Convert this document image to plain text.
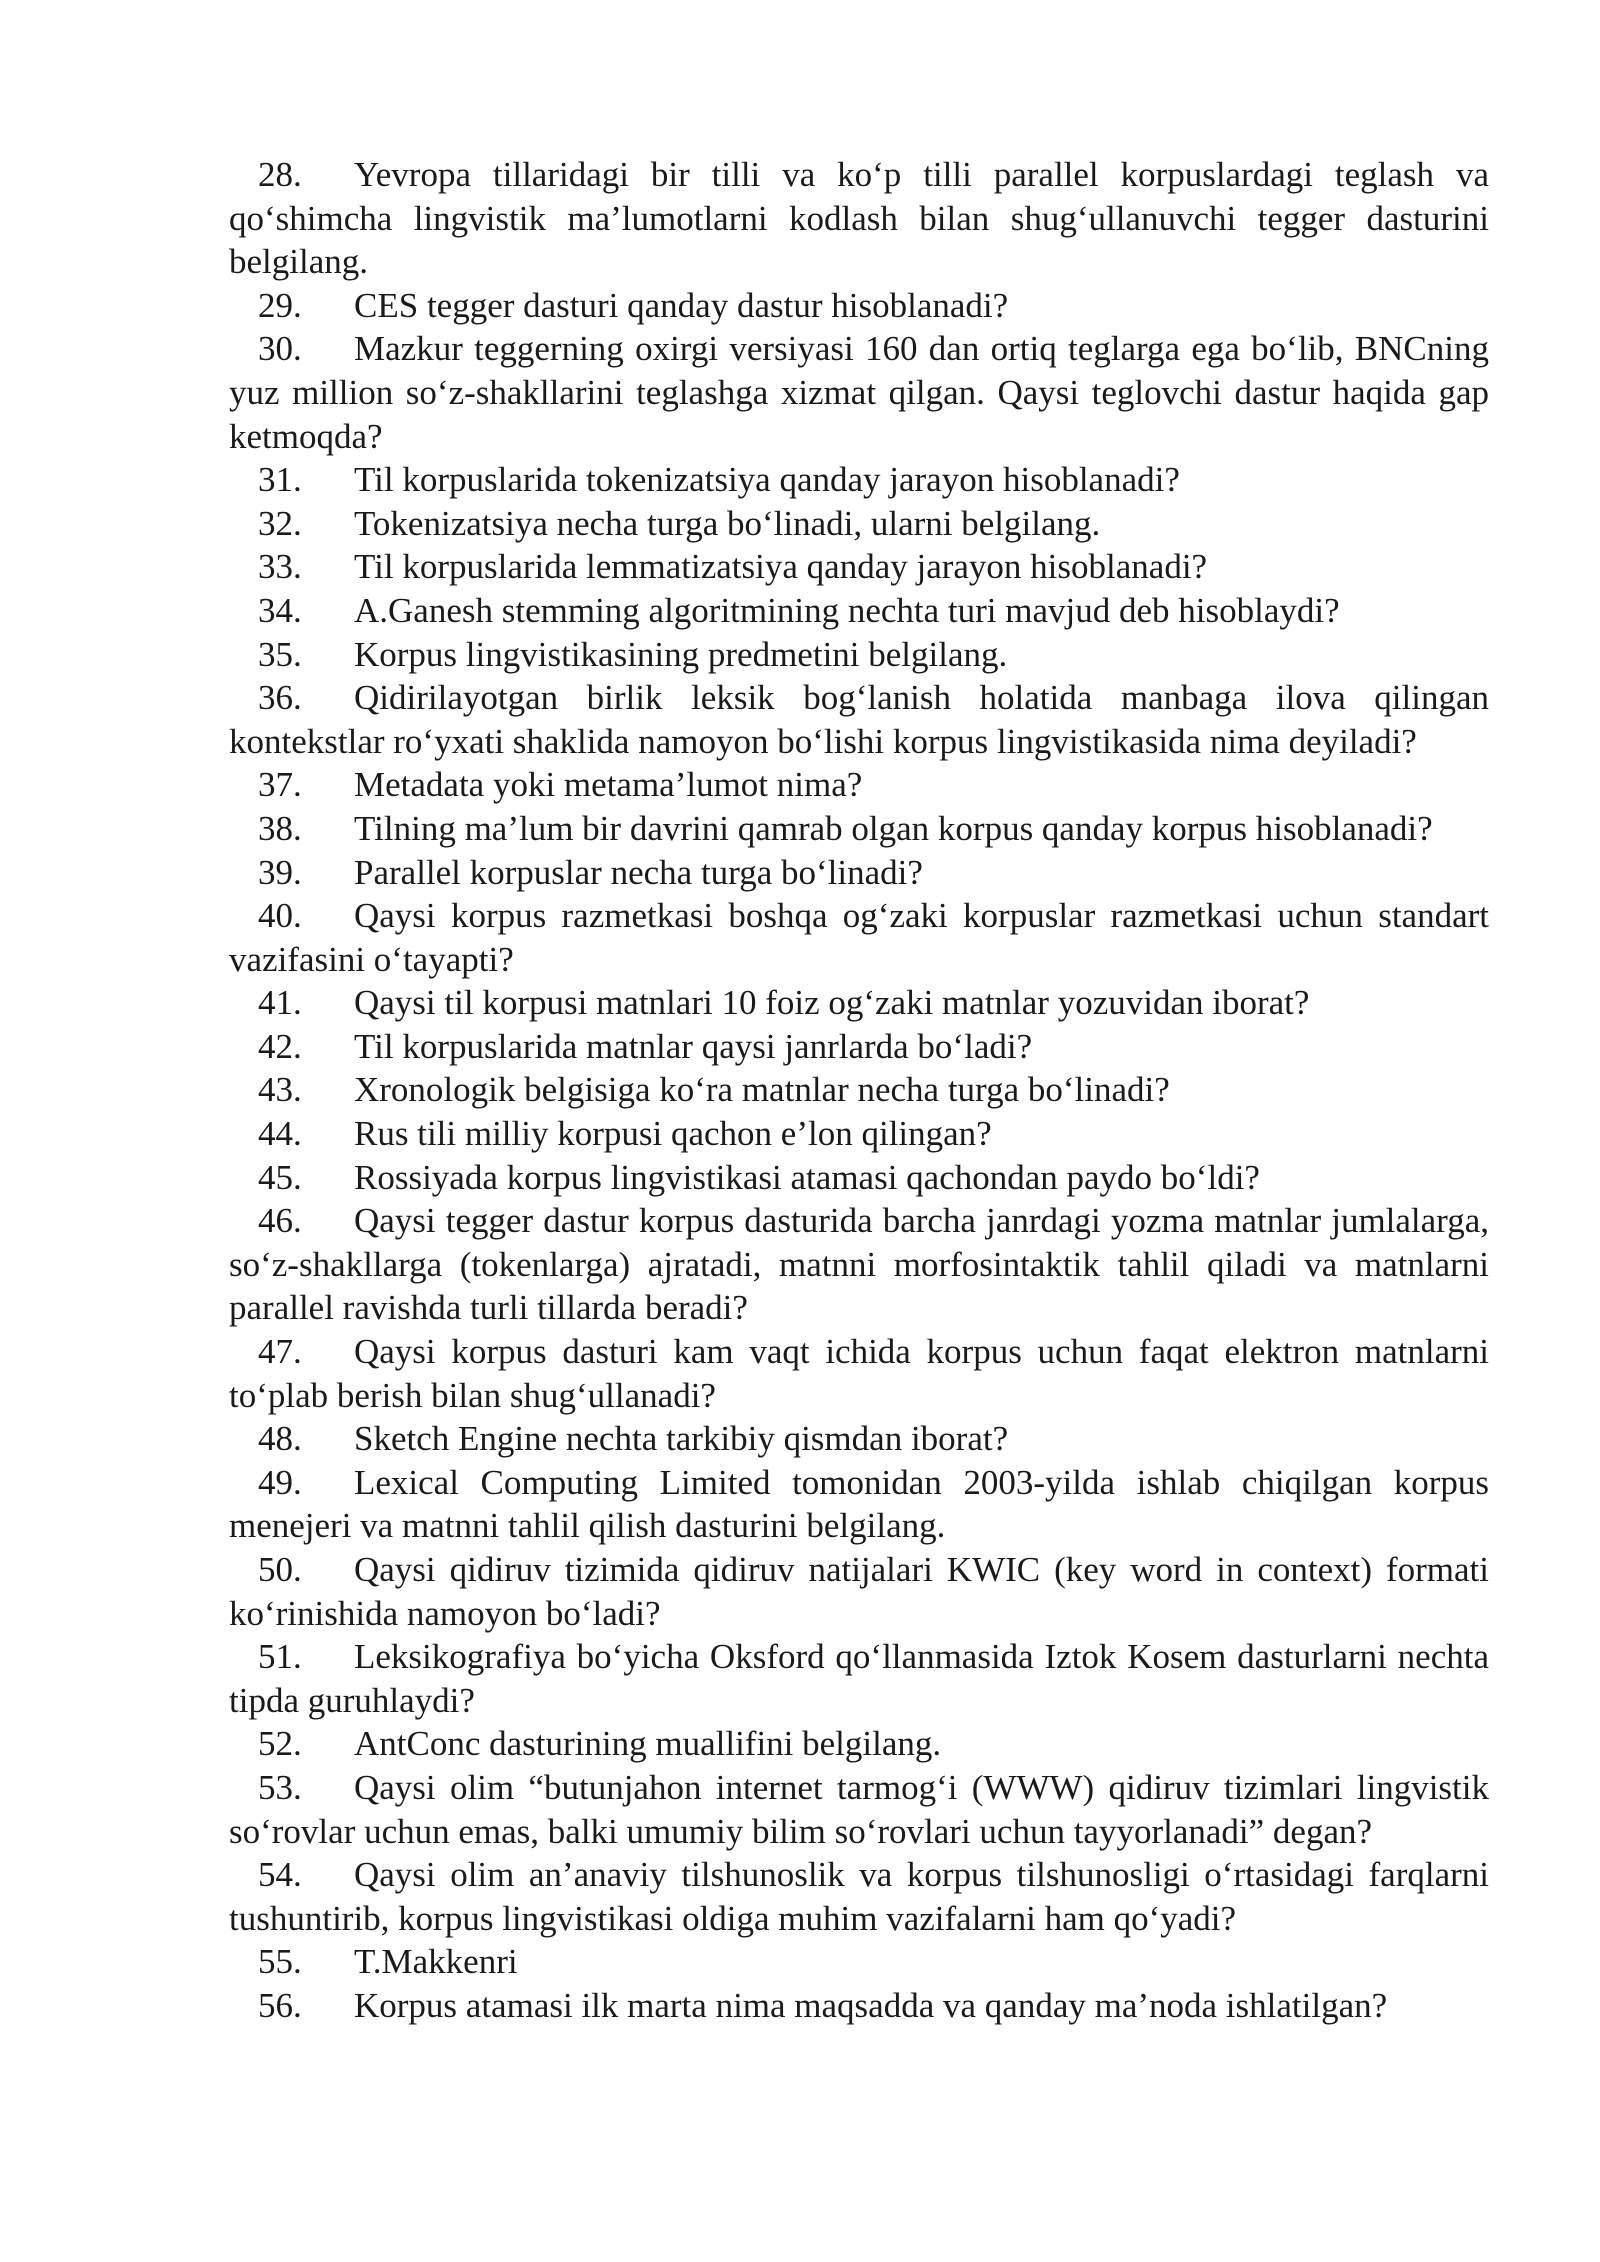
28. Yevropa tillaridagi bir tilli va ko‘p tilli parallel korpuslardagi teglash va qo‘shimcha lingvistik ma’lumotlarni kodlash bilan shug‘ullanuvchi tegger dasturini belgilang.

29. CES tegger dasturi qanday dastur hisoblanadi?

30. Mazkur teggerning oxirgi versiyasi 160 dan ortiq teglarga ega bo‘lib, BNCning yuz million so‘z-shakllarini teglashga xizmat qilgan. Qaysi teglovchi dastur haqida gap ketmoqda?

31. Til korpuslarida tokenizatsiya qanday jarayon hisoblanadi?

32. Tokenizatsiya necha turga bo‘linadi, ularni belgilang.

33. Til korpuslarida lemmatizatsiya qanday jarayon hisoblanadi?

34. A.Ganesh stemming algoritmining nechta turi mavjud deb hisoblaydi?

35. Korpus lingvistikasining predmetini belgilang.

36. Qidirilayotgan birlik leksik bog‘lanish holatida manbaga ilova qilingan kontekstlar ro‘yxati shaklida namoyon bo‘lishi korpus lingvistikasida nima deyiladi?

37. Metadata yoki metama’lumot nima?

38. Tilning ma’lum bir davrini qamrab olgan korpus qanday korpus hisoblanadi?

39. Parallel korpuslar necha turga bo‘linadi?

40. Qaysi korpus razmetkasi boshqa og‘zaki korpuslar razmetkasi uchun standart vazifasini o‘tayapti?

41. Qaysi til korpusi matnlari 10 foiz og‘zaki matnlar yozuvidan iborat?

42. Til korpuslarida matnlar qaysi janrlarda bo‘ladi?

43. Xronologik belgisiga ko‘ra matnlar necha turga bo‘linadi?

44. Rus tili milliy korpusi qachon e’lon qilingan?

45. Rossiyada korpus lingvistikasi atamasi qachondan paydo bo‘ldi?

46. Qaysi tegger dastur korpus dasturida barcha janrdagi yozma matnlar jumlalarga, so‘z-shakllarga (tokenlarga) ajratadi, matnni morfosintaktik tahlil qiladi va matnlarni parallel ravishda turli tillarda beradi?

47. Qaysi korpus dasturi kam vaqt ichida korpus uchun faqat elektron matnlarni to‘plab berish bilan shug‘ullanadi?

48. Sketch Engine nechta tarkibiy qismdan iborat?

49. Lexical Computing Limited tomonidan 2003-yilda ishlab chiqilgan korpus menejeri va matnni tahlil qilish dasturini belgilang.

50. Qaysi qidiruv tizimida qidiruv natijalari KWIC (key word in context) formati ko‘rinishida namoyon bo‘ladi?

51. Leksikografiya bo‘yicha Oksford qo‘llanmasida Iztok Kosem dasturlarni nechta tipda guruhlaydi?

52. AntConc dasturining muallifini belgilang.

53. Qaysi olim “butunjahon internet tarmog‘i (WWW) qidiruv tizimlari lingvistik so‘rovlar uchun emas, balki umumiy bilim so‘rovlari uchun tayyorlanadi” degan?

54. Qaysi olim an’anaviy tilshunoslik va korpus tilshunosligi o‘rtasidagi farqlarni tushuntirib, korpus lingvistikasi oldiga muhim vazifalarni ham qo‘yadi?

55. T.Makkenri

56. Korpus atamasi ilk marta nima maqsadda va qanday ma’noda ishlatilgan?
